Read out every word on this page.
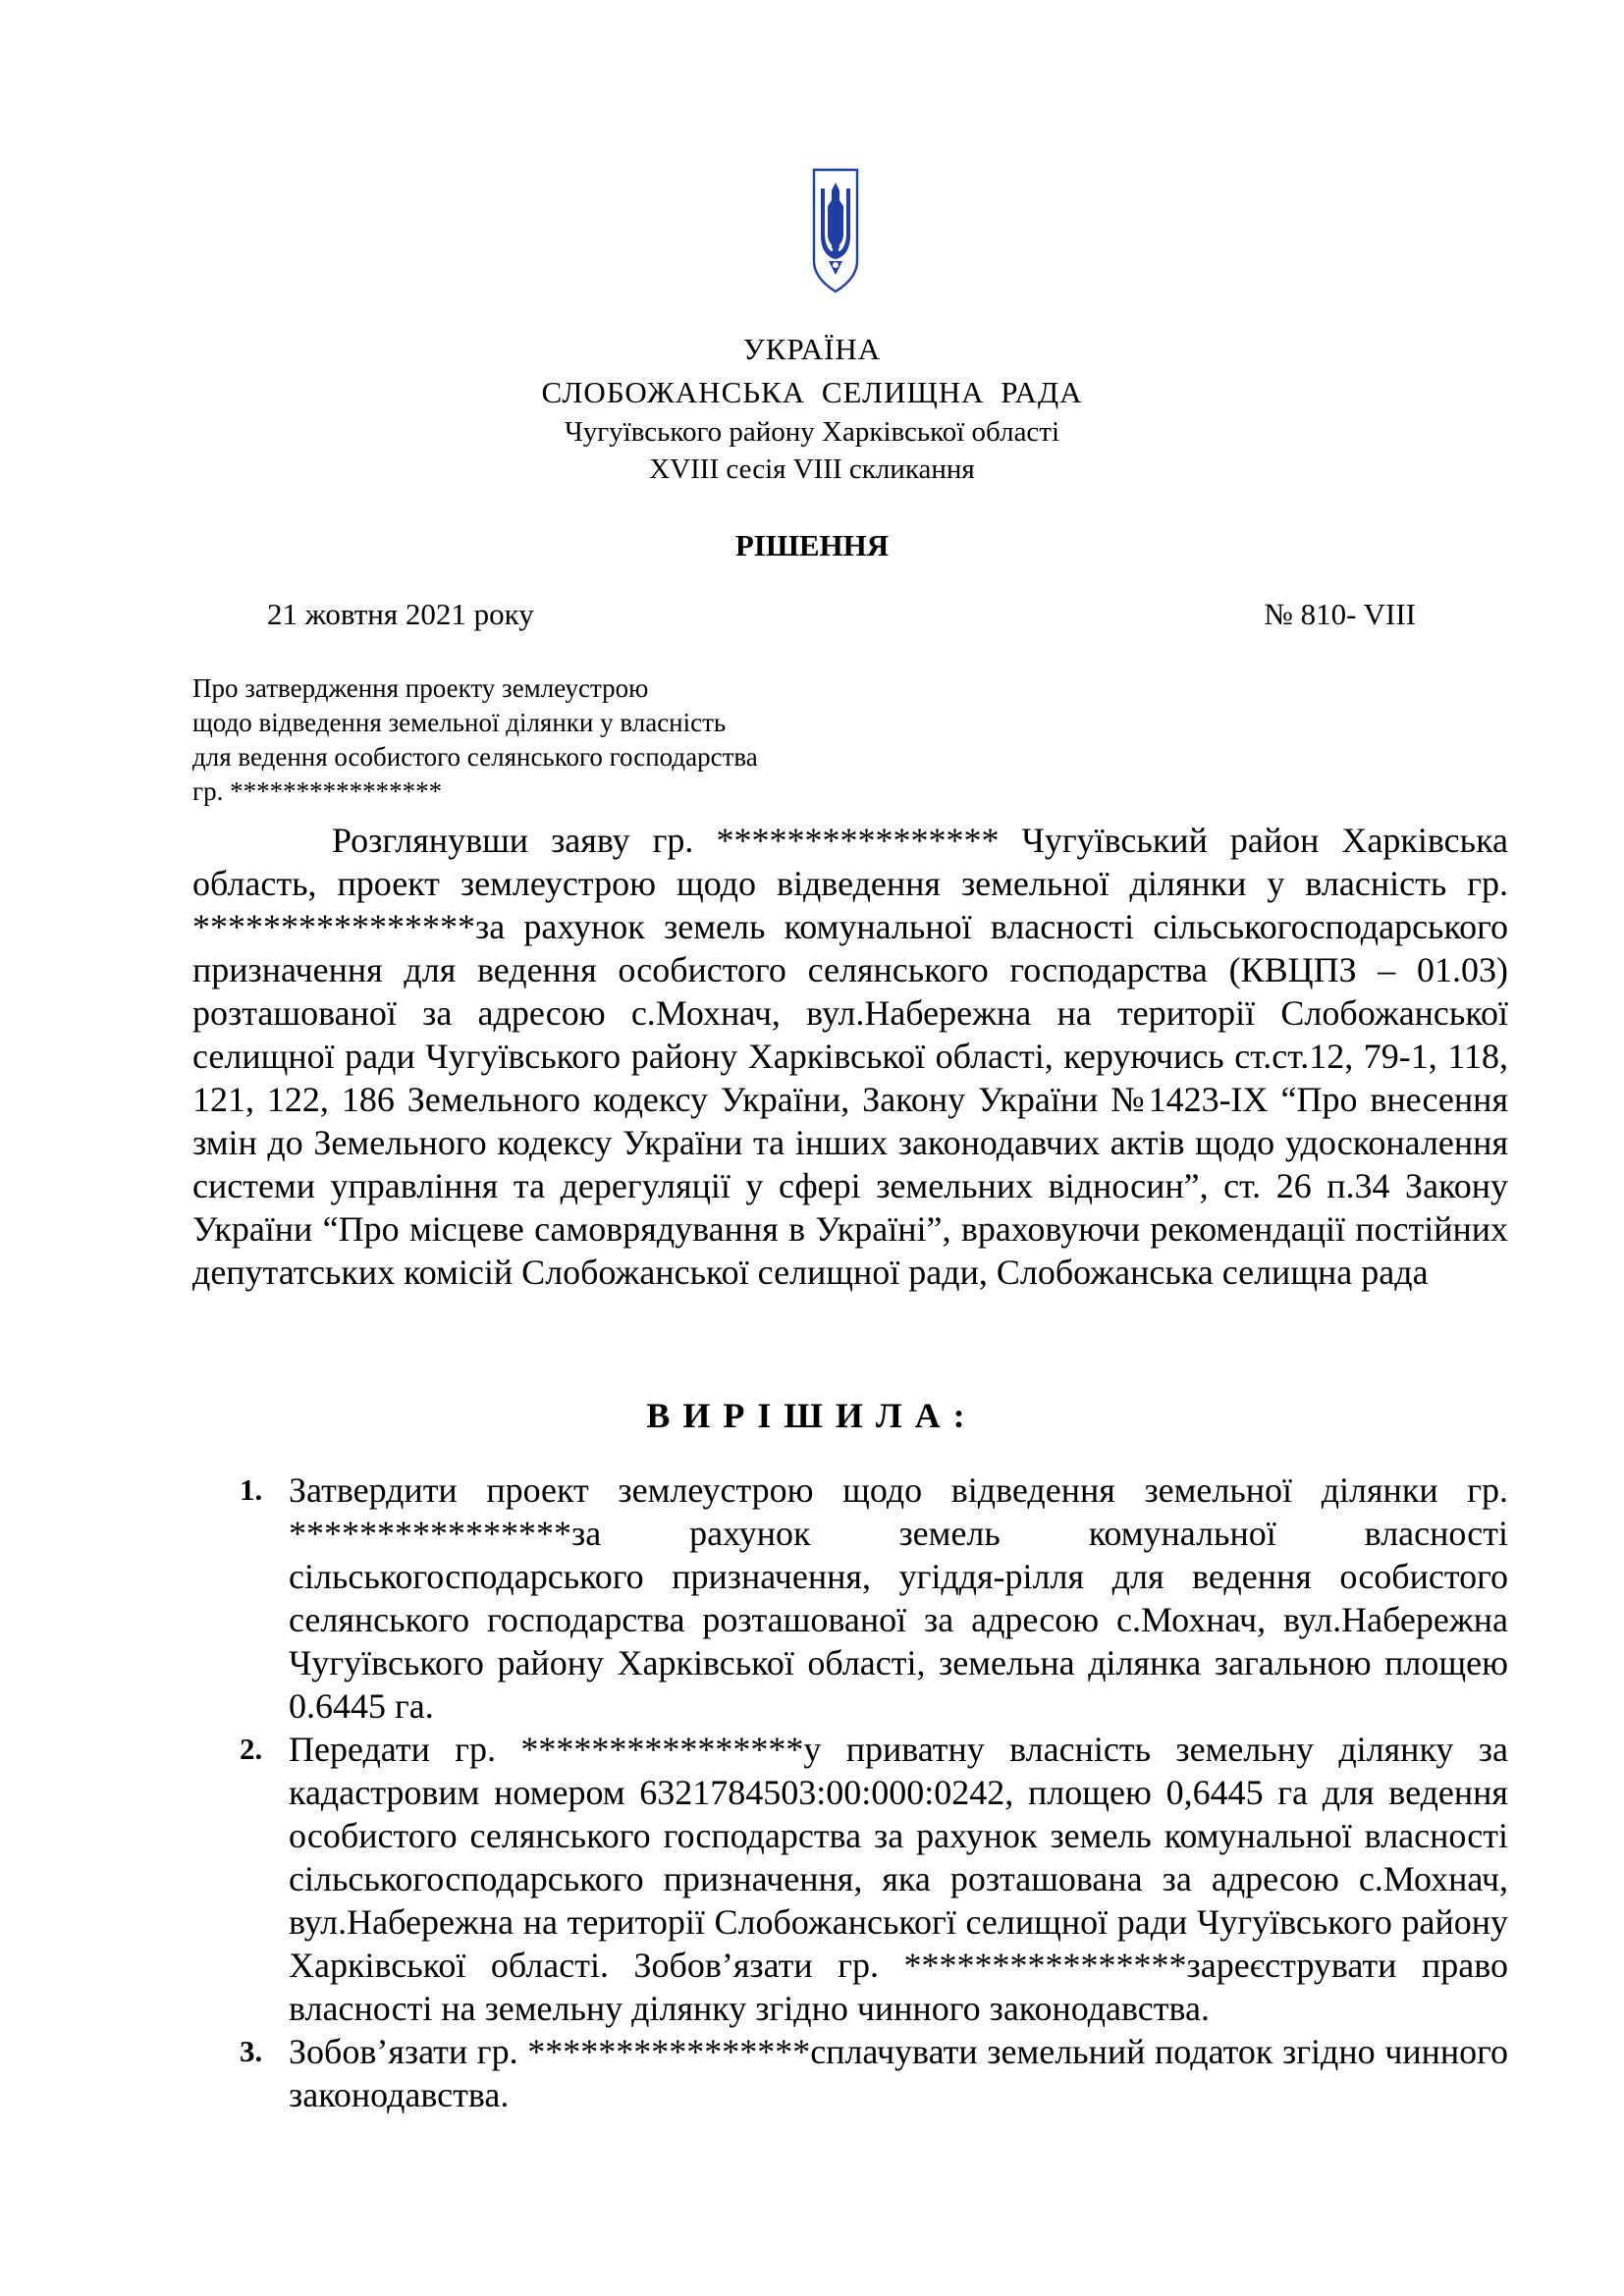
УКРАЇНА
СЛОБОЖАНСЬКА СЕЛИЩНА РАДА
Чугуївського району Харківської області
XVIII сесія VIII скликання
РІШЕННЯ
21 жовтня 2021 року	№ 810- VIII
Про затвердження проекту землеустрою
щодо відведення земельної ділянки у власність
для ведення особистого селянського господарства
гр. ****************
Розглянувши заяву гр. **************** Чугуївський район Харківська область, проект землеустрою щодо відведення земельної ділянки у власність гр. ****************за рахунок земель комунальної власності сільськогосподарського призначення для ведення особистого селянського господарства (КВЦПЗ – 01.03) розташованої за адресою с.Мохнач, вул.Набережна на території Слобожанської селищної ради Чугуївського району Харківської області, керуючись ст.ст.12, 79-1, 118, 121, 122, 186 Земельного кодексу України, Закону України №1423-IX “Про внесення змін до Земельного кодексу України та інших законодавчих актів щодо удосконалення системи управління та дерегуляції у сфері земельних відносин”, ст. 26 п.34 Закону України “Про місцеве самоврядування в Україні”, враховуючи рекомендації постійних депутатських комісій Слобожанської селищної ради, Слобожанська селищна рада
ВИРІШИЛА:
1. Затвердити проект землеустрою щодо відведення земельної ділянки гр. ****************за рахунок земель комунальної власності сільськогосподарського призначення, угіддя-рілля для ведення особистого селянського господарства розташованої за адресою с.Мохнач, вул.Набережна Чугуївського району Харківської області, земельна ділянка загальною площею 0.6445 га.
2. Передати гр. ****************у приватну власність земельну ділянку за кадастровим номером 6321784503:00:000:0242, площею 0,6445 га для ведення особистого селянського господарства за рахунок земель комунальної власності сільськогосподарського призначення, яка розташована за адресою с.Мохнач, вул.Набережна на території Слобожанськогї селищної ради Чугуївського району Харківської області. Зобов’язати гр. ****************зареєструвати право власності на земельну ділянку згідно чинного законодавства.
3. Зобов’язати гр. ****************сплачувати земельний податок згідно чинного законодавства.
